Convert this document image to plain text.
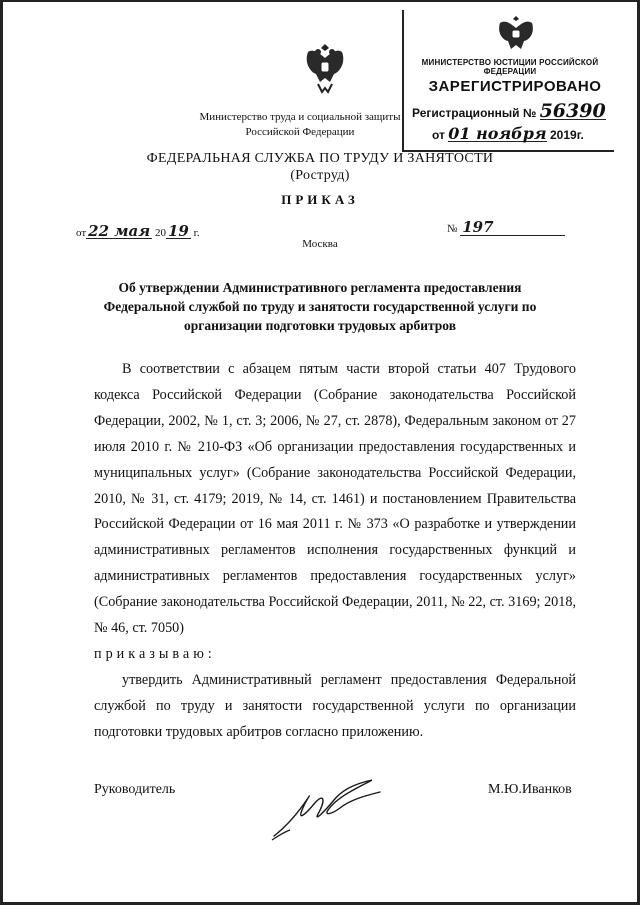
Министерство труда и социальной защиты Российской Федерации
ФЕДЕРАЛЬНАЯ СЛУЖБА ПО ТРУДУ И ЗАНЯТОСТИ
(Роструд)
ПРИКАЗ
от 22 мая 20 19 г.	№ 197
Москва
МИНИСТЕРСТВО ЮСТИЦИИ РОССИЙСКОЙ ФЕДЕРАЦИИ
ЗАРЕГИСТРИРОВАНО
Регистрационный № 56390
от 01 ноября 2019г.
Об утверждении Административного регламента предоставления Федеральной службой по труду и занятости государственной услуги по организации подготовки трудовых арбитров

В соответствии с абзацем пятым части второй статьи 407 Трудового кодекса Российской Федерации (Собрание законодательства Российской Федерации, 2002, № 1, ст. 3; 2006, № 27, ст. 2878), Федеральным законом от 27 июля 2010 г. № 210-ФЗ «Об организации предоставления государственных и муниципальных услуг» (Собрание законодательства Российской Федерации, 2010, № 31, ст. 4179; 2019, № 14, ст. 1461) и постановлением Правительства Российской Федерации от 16 мая 2011 г. № 373 «О разработке и утверждении административных регламентов исполнения государственных функций и административных регламентов предоставления государственных услуг» (Собрание законодательства Российской Федерации, 2011, № 22, ст. 3169; 2018, № 46, ст. 7050)

приказываю:

утвердить Административный регламент предоставления Федеральной службой по труду и занятости государственной услуги по организации подготовки трудовых арбитров согласно приложению.

Руководитель	М.Ю.Иванков
